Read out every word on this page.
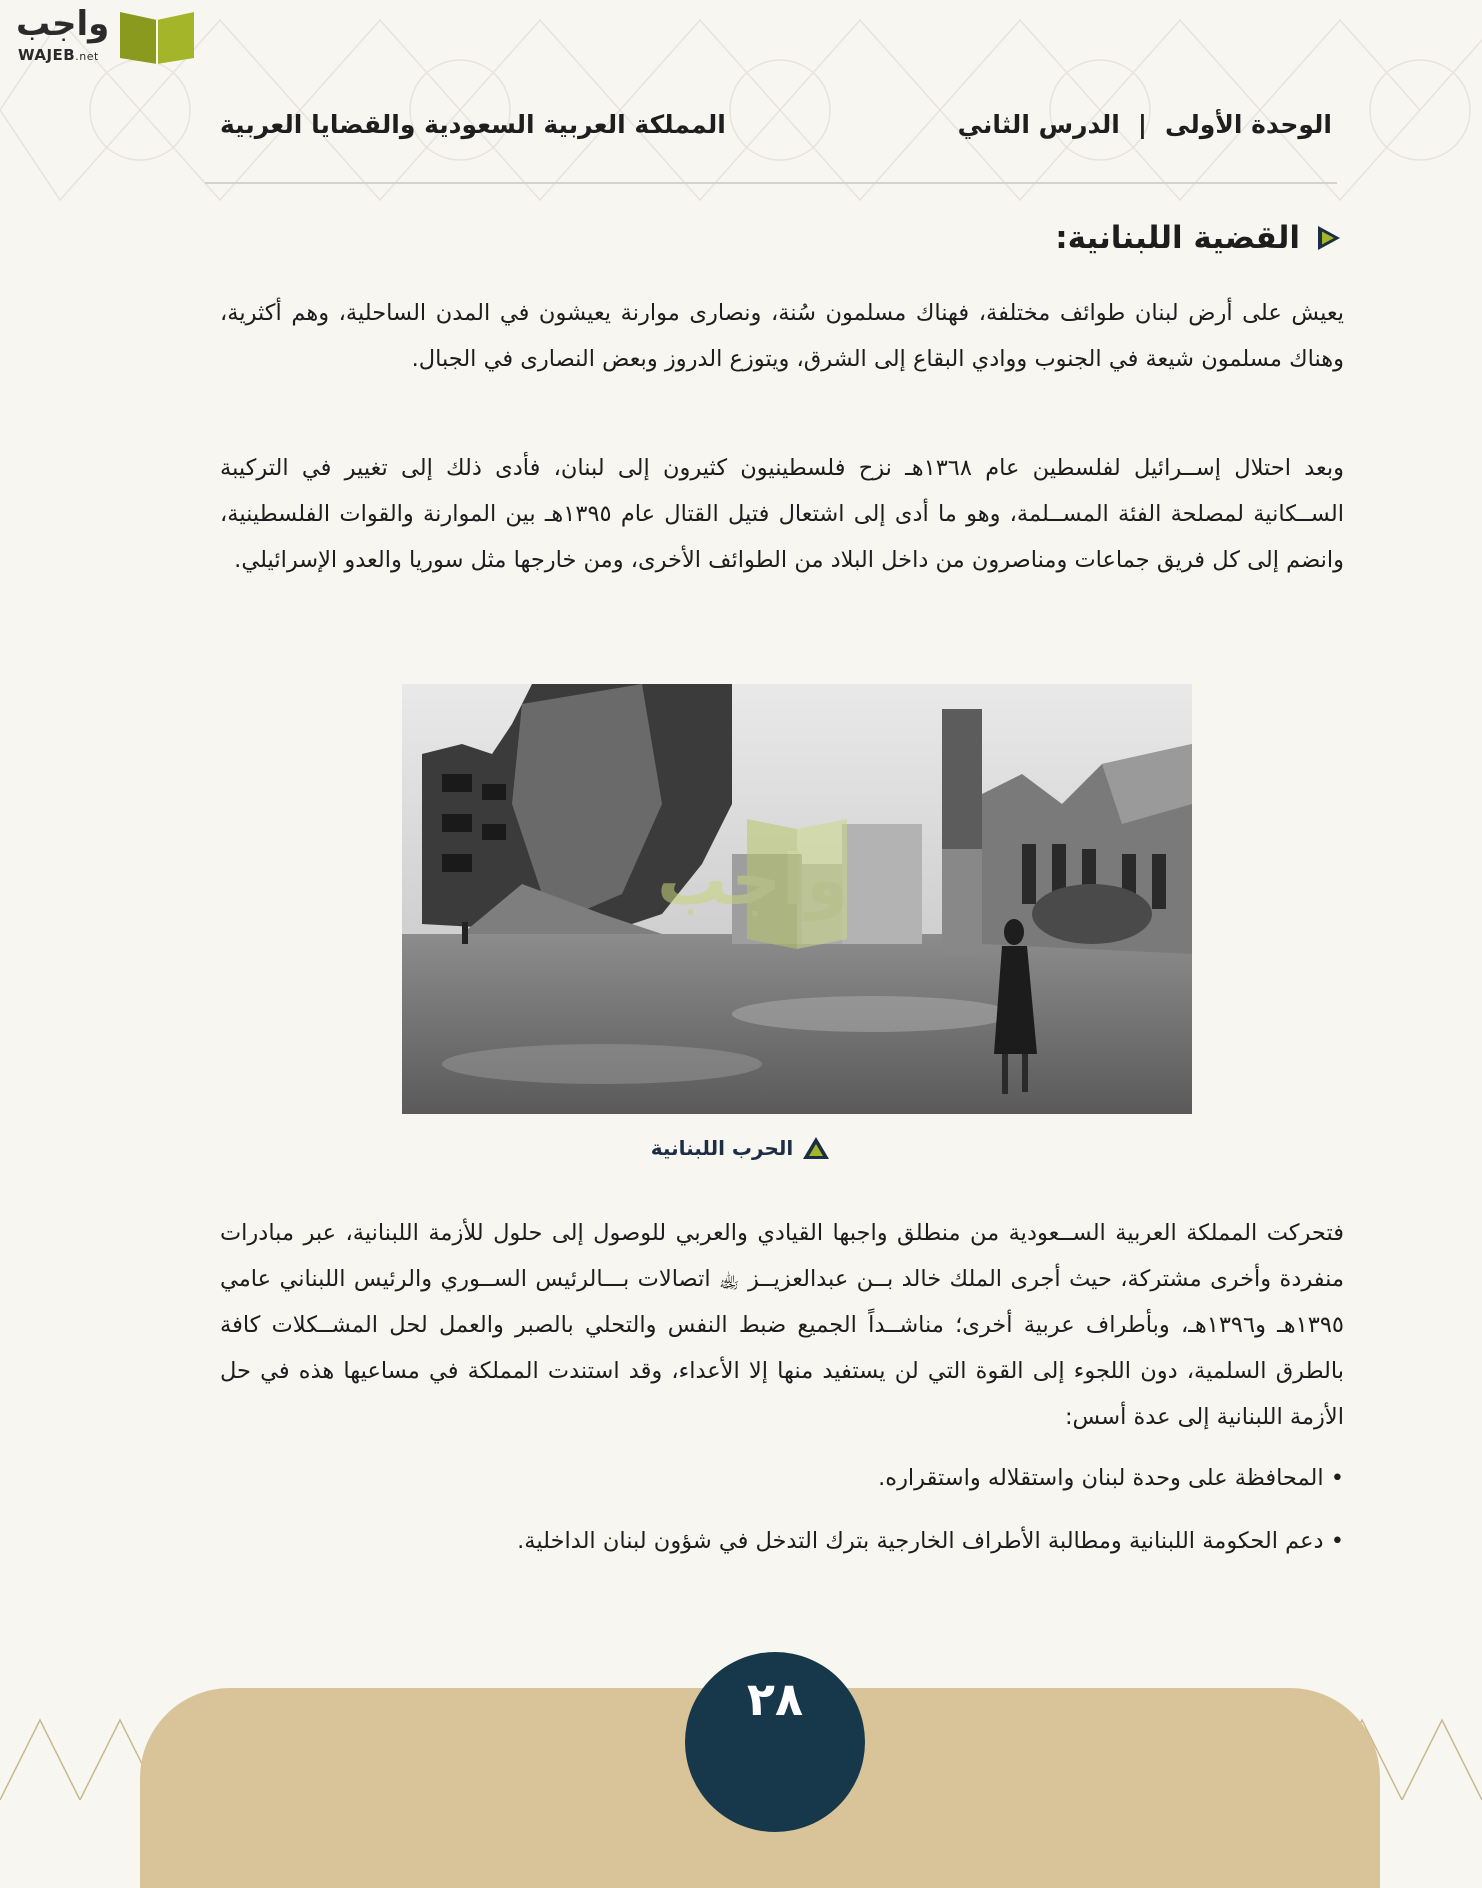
واجب
WAJEB.net
الوحدة الأولى|الدرس الثاني
المملكة العربية السعودية والقضايا العربية
القضية اللبنانية:

يعيش على أرض لبنان طوائف مختلفة، فهناك مسلمون سُنة، ونصارى موارنة يعيشون في المدن الساحلية، وهم أكثرية، وهناك مسلمون شيعة في الجنوب ووادي البقاع إلى الشرق، ويتوزع الدروز وبعض النصارى في الجبال.

وبعد احتلال إســرائيل لفلسطين عام ١٣٦٨هـ نزح فلسطينيون كثيرون إلى لبنان، فأدى ذلك إلى تغيير في التركيبة الســكانية لمصلحة الفئة المســلمة، وهو ما أدى إلى اشتعال فتيل القتال عام ١٣٩٥هـ بين الموارنة والقوات الفلسطينية، وانضم إلى كل فريق جماعات ومناصرون من داخل البلاد من الطوائف الأخرى، ومن خارجها مثل سوريا والعدو الإسرائيلي.

واجب
الحرب اللبنانية

فتحركت المملكة العربية الســعودية من منطلق واجبها القيادي والعربي للوصول إلى حلول للأزمة اللبنانية، عبر مبادرات منفردة وأخرى مشتركة، حيث أجرى الملك خالد بــن عبدالعزيــز ﵀ اتصالات بـــالرئيس الســوري والرئيس اللبناني عامي ١٣٩٥هـ و١٣٩٦هـ، وبأطراف عربية أخرى؛ مناشــداً الجميع ضبط النفس والتحلي بالصبر والعمل لحل المشــكلات كافة بالطرق السلمية، دون اللجوء إلى القوة التي لن يستفيد منها إلا الأعداء، وقد استندت المملكة في مساعيها هذه في حل الأزمة اللبنانية إلى عدة أسس:

• المحافظة على وحدة لبنان واستقلاله واستقراره.
• دعم الحكومة اللبنانية ومطالبة الأطراف الخارجية بترك التدخل في شؤون لبنان الداخلية.
٢٨
